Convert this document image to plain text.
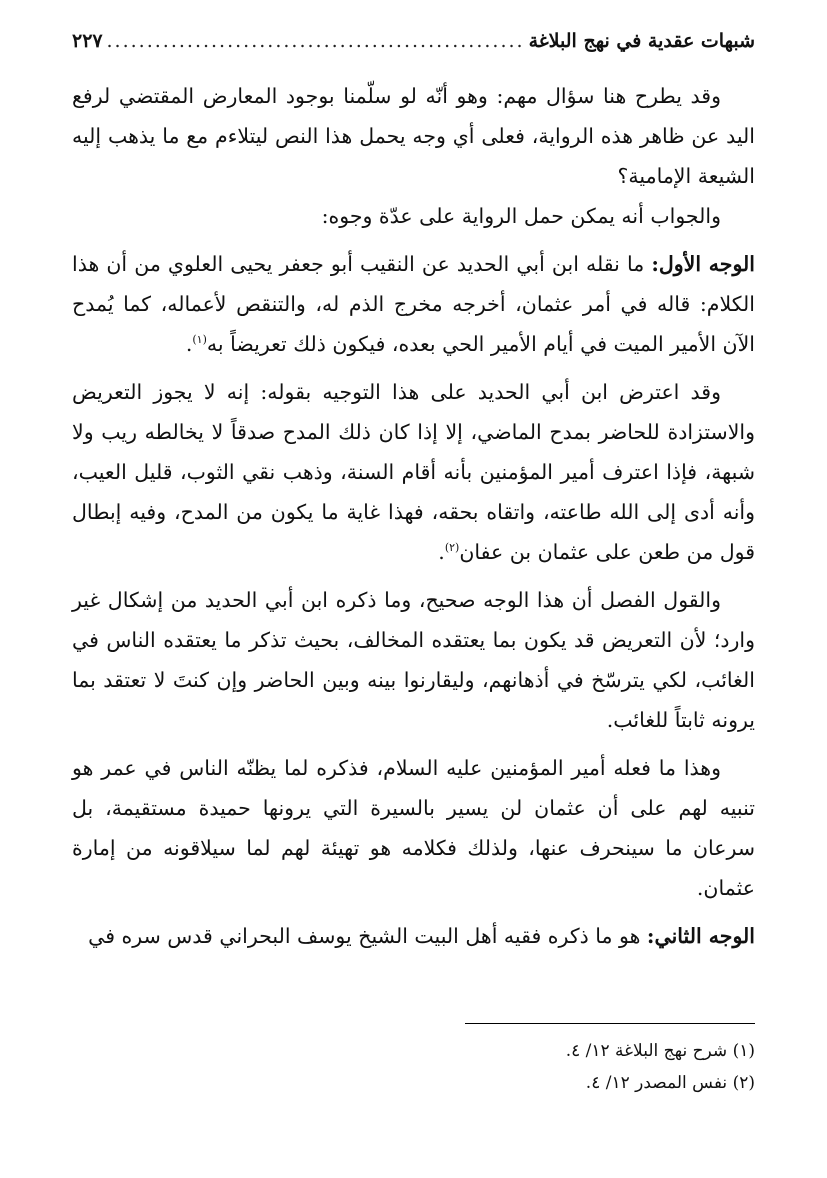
شبهات عقدية في نهج البلاغة
.....
٢٢٧

وقد يطرح هنا سؤال مهم: وهو أنّه لو سلّمنا بوجود المعارض المقتضي لرفع اليد عن ظاهر هذه الرواية، فعلى أي وجه يحمل هذا النص ليتلاءم مع ما يذهب إليه الشيعة الإمامية؟

والجواب أنه يمكن حمل الرواية على عدّة وجوه:

الوجه الأول: ما نقله ابن أبي الحديد عن النقيب أبو جعفر يحيى العلوي من أن هذا الكلام: قاله في أمر عثمان، أخرجه مخرج الذم له، والتنقص لأعماله، كما يُمدح الآن الأمير الميت في أيام الأمير الحي بعده، فيكون ذلك تعريضاً به$^{(١)}$.

وقد اعترض ابن أبي الحديد على هذا التوجيه بقوله: إنه لا يجوز التعريض والاستزادة للحاضر بمدح الماضي، إلا إذا كان ذلك المدح صدقاً لا يخالطه ريب ولا شبهة، فإذا اعترف أمير المؤمنين بأنه أقام السنة، وذهب نقي الثوب، قليل العيب، وأنه أدى إلى الله طاعته، واتقاه بحقه، فهذا غاية ما يكون من المدح، وفيه إبطال قول من طعن على عثمان بن عفان$^{(٢)}$.

والقول الفصل أن هذا الوجه صحيح، وما ذكره ابن أبي الحديد من إشكال غير وارد؛ لأن التعريض قد يكون بما يعتقده المخالف، بحيث تذكر ما يعتقده الناس في الغائب، لكي يترسّخ في أذهانهم، وليقارنوا بينه وبين الحاضر وإن كنتَ لا تعتقد بما يرونه ثابتاً للغائب.

وهذا ما فعله أمير المؤمنين عليه السلام، فذكره لما يظنّه الناس في عمر هو تنبيه لهم على أن عثمان لن يسير بالسيرة التي يرونها حميدة مستقيمة، بل سرعان ما سينحرف عنها، ولذلك فكلامه هو تهيئة لهم لما سيلاقونه من إمارة عثمان.

الوجه الثاني: هو ما ذكره فقيه أهل البيت الشيخ يوسف البحراني قدس سره في

(١) شرح نهج البلاغة ١٢/ ٤.
(٢) نفس المصدر ١٢/ ٤.
